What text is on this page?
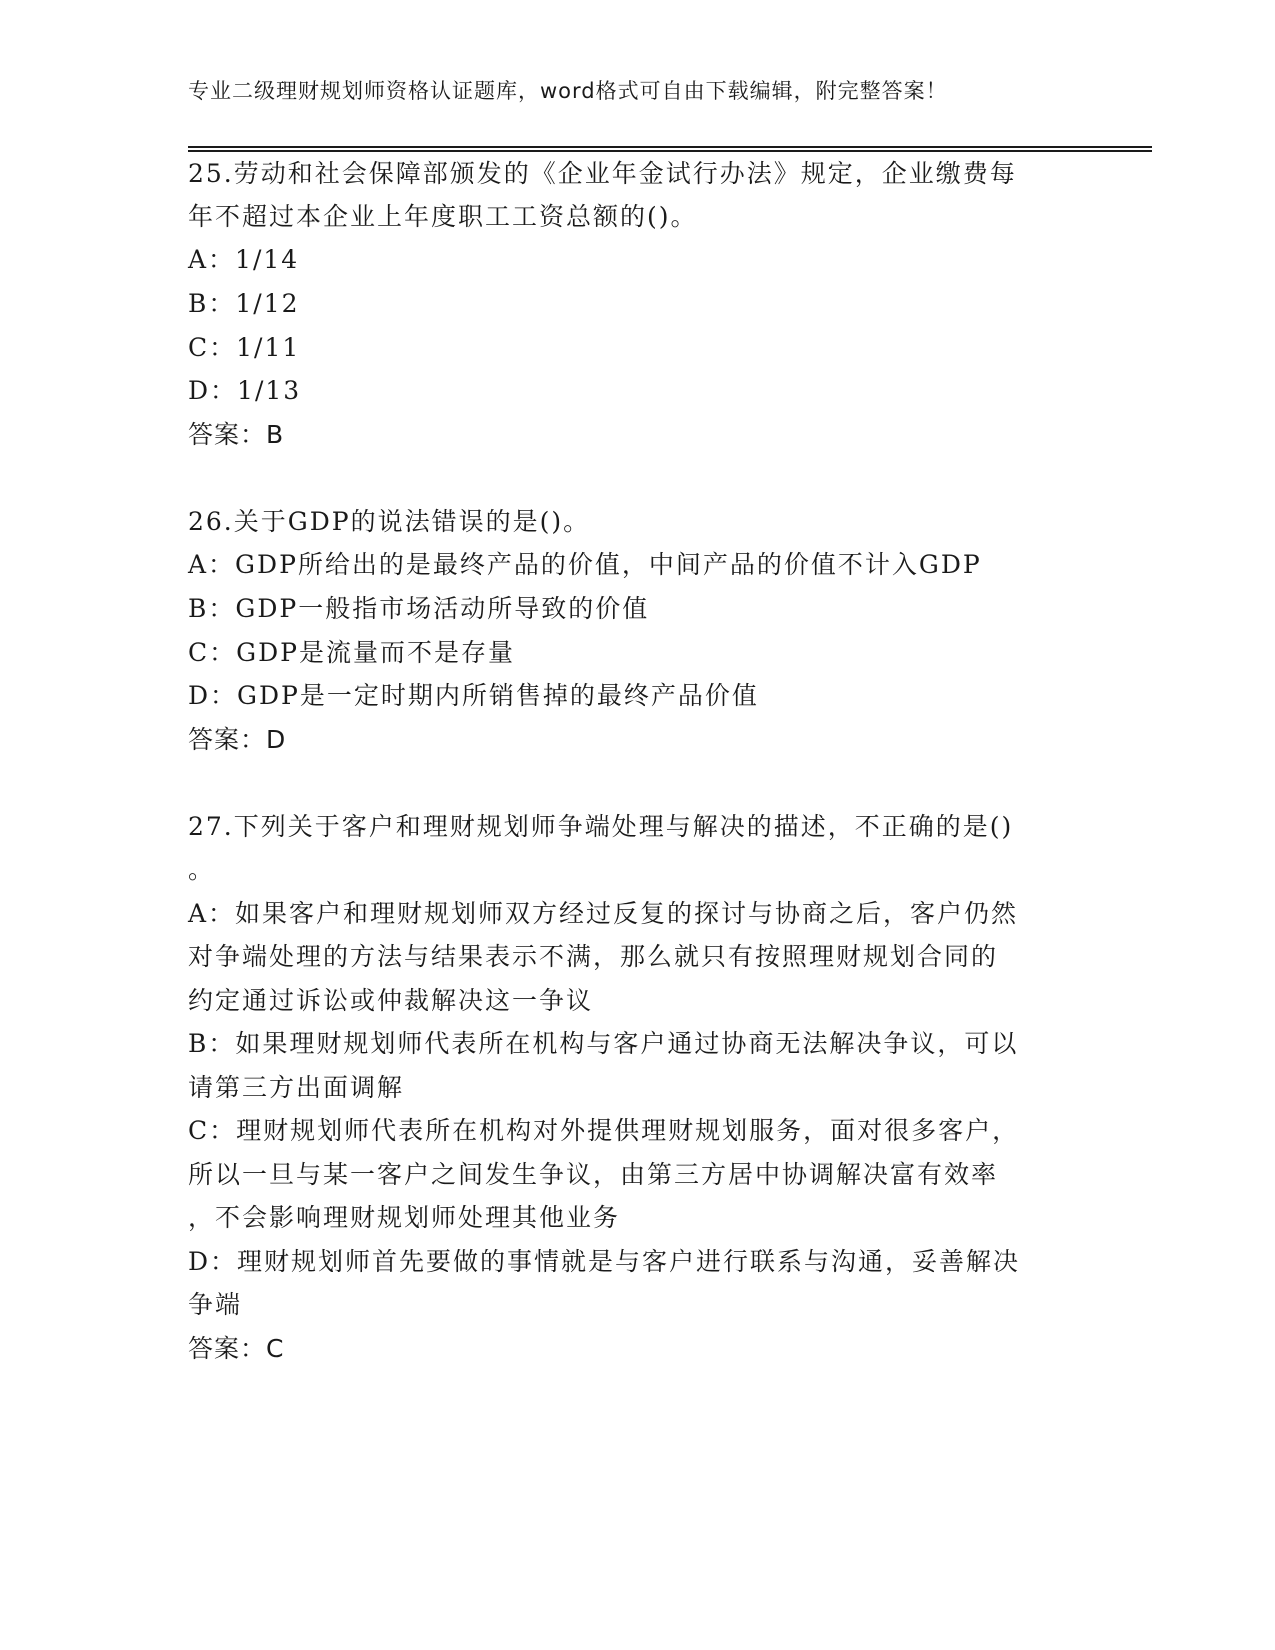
专业二级理财规划师资格认证题库，word格式可自由下载编辑，附完整答案！
25.劳动和社会保障部颁发的《企业年金试行办法》规定，企业缴费每
年不超过本企业上年度职工工资总额的()。
A：1/14
B：1/12
C：1/11
D：1/13
答案：B
26.关于GDP的说法错误的是()。
A：GDP所给出的是最终产品的价值，中间产品的价值不计入GDP
B：GDP一般指市场活动所导致的价值
C：GDP是流量而不是存量
D：GDP是一定时期内所销售掉的最终产品价值
答案：D
27.下列关于客户和理财规划师争端处理与解决的描述，不正确的是()
。
A：如果客户和理财规划师双方经过反复的探讨与协商之后，客户仍然
对争端处理的方法与结果表示不满，那么就只有按照理财规划合同的
约定通过诉讼或仲裁解决这一争议
B：如果理财规划师代表所在机构与客户通过协商无法解决争议，可以
请第三方出面调解
C：理财规划师代表所在机构对外提供理财规划服务，面对很多客户，
所以一旦与某一客户之间发生争议，由第三方居中协调解决富有效率
，不会影响理财规划师处理其他业务
D：理财规划师首先要做的事情就是与客户进行联系与沟通，妥善解决
争端
答案：C
